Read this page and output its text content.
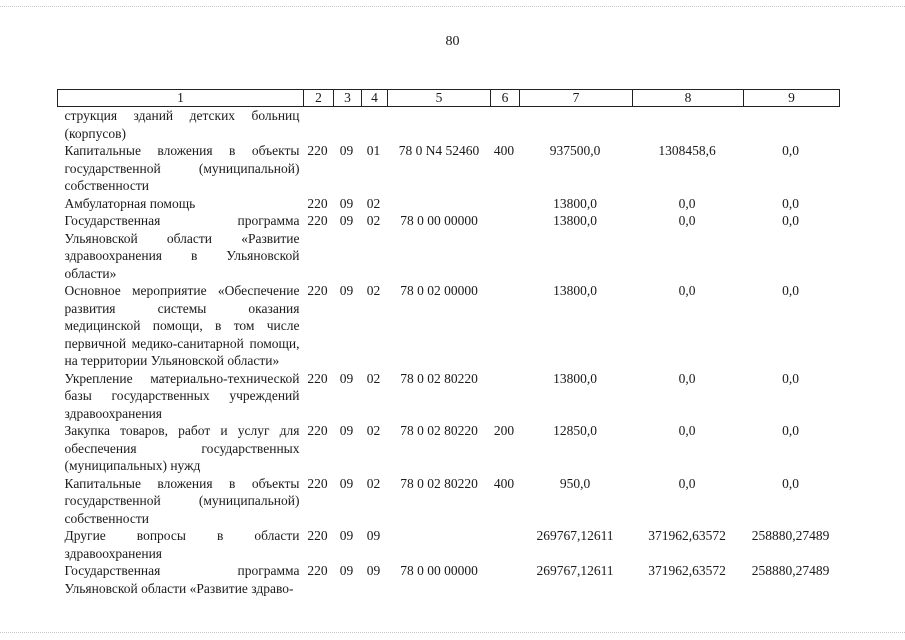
80
1	2	3	4	5	6	7	8	9
струкция зданий детских больниц (корпусов)								
Капитальные вложения в объекты государственной (муниципальной) собственности	220	09	01	78 0 N4 52460	400	937500,0	1308458,6	0,0
Амбулаторная помощь	220	09	02			13800,0	0,0	0,0
Государственная программа Ульяновской области «Развитие здравоохранения в Ульяновской области»	220	09	02	78 0 00 00000		13800,0	0,0	0,0
Основное мероприятие «Обеспечение развития системы оказания медицинской помощи, в том числе первичной медико-санитарной помощи, на территории Ульяновской области»	220	09	02	78 0 02 00000		13800,0	0,0	0,0
Укрепление материально-технической базы государственных учреждений здравоохранения	220	09	02	78 0 02 80220		13800,0	0,0	0,0
Закупка товаров, работ и услуг для обеспечения государственных (муниципальных) нужд	220	09	02	78 0 02 80220	200	12850,0	0,0	0,0
Капитальные вложения в объекты государственной (муниципальной) собственности	220	09	02	78 0 02 80220	400	950,0	0,0	0,0
Другие вопросы в области здравоохранения	220	09	09			269767,12611	371962,63572	258880,27489
Государственная программа Ульяновской области «Развитие здраво-	220	09	09	78 0 00 00000		269767,12611	371962,63572	258880,27489
